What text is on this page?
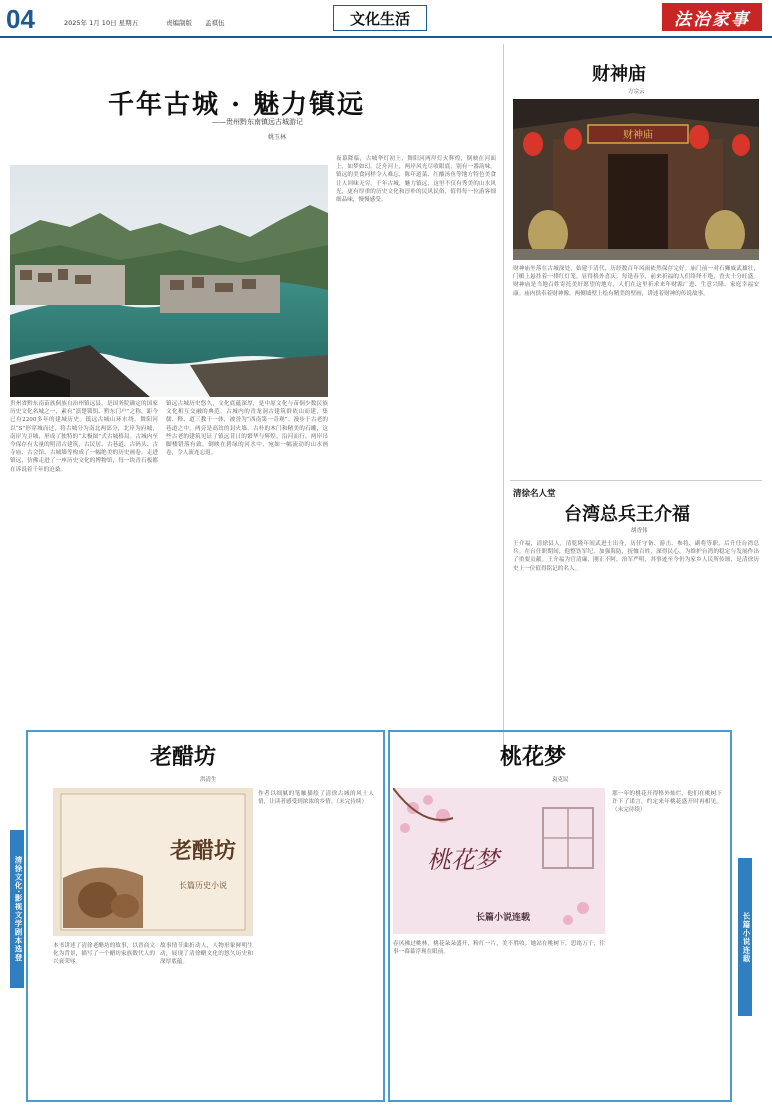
04	2025年 1月 10日 星期五	责编制版 孟祺伍	文化生活	法治家事
千年古城 · 魅力镇远
——贵州黔东南镇远古城游记
姚玉林
贵州省黔东南苗族侗族自治州镇远县，是国务院确定的国家历史文化名城之一，素有“滇楚锁钥、黔东门户”之称，距今已有2200多年的建城历史。镇远古城山环水绕，舞阳河以“S”形穿城而过，将古城分为南北两部分，北岸为府城，南岸为卫城，形成了独特的“太极图”式古城格局。古城内至今保存有大量的明清古建筑，古民居、古巷道、古码头、古寺庙、古会馆、古城墙等构成了一幅绝美的历史画卷。走进镇远，仿佛走进了一座历史文化的博物馆，每一块青石板都在诉说着千年的沧桑。
镇远古城历史悠久，文化底蕴深厚，是中原文化与苗侗少数民族文化相互交融的典范。古城内的青龙洞古建筑群依山而建，集儒、释、道三教于一体，被誉为“西南第一奇观”。漫步于古老的巷道之中，两旁是高耸的封火墙、古朴的木门和精美的石雕，这些古老的建筑见证了镇远昔日的繁华与辉煌。沿河而行，两岸吊脚楼错落有致，倒映在碧绿的河水中，宛如一幅流动的山水画卷，令人流连忘返。
夜幕降临，古城华灯初上，舞阳河两岸灯火辉煌，倒映在河面上，如梦如幻。泛舟河上，两岸风光尽收眼底，别有一番韵味。镇远的美食同样令人难忘，陈年道菜、红酸汤鱼等地方特色美食让人回味无穷。千年古城，魅力镇远，这里不仅有秀美的山水风光，更有厚重的历史文化和淳朴的民风民俗，值得每一位游客细细品味，慢慢感受。
财神庙
方宗云
财神庙
财神庙坐落在古城深处，始建于清代，历经数百年风雨依然保存完好。庙门前一对石狮威武雄壮，门楣上悬挂着一排红灯笼，显得格外喜庆。每逢春节，前来祈福的人们络绎不绝，香火十分旺盛。财神庙是当地百姓寄托美好愿望的地方，人们在这里祈求来年财源广进、生意兴隆、家庭幸福安康。庙内供奉着财神像，两侧墙壁上绘有精美的壁画，讲述着财神的传说故事。
清徐名人堂
台湾总兵王介福
胡香伟
王介福，清徐县人，清乾隆年间武进士出身，历任守备、游击、参将、副将等职，后升任台湾总兵。在台任职期间，他整饬军纪，加强海防，抚恤百姓，深得民心，为维护台湾的稳定与发展作出了重要贡献。王介福为官清廉，刚正不阿，治军严明，其事迹至今仍为家乡人民所传颂，是清徐历史上一位值得铭记的名人。
清徐文化·影视文学剧本选登
老醋坊
洪清生
老醋坊
长篇历史小说
本书讲述了清徐老醋坊的故事，以晋商文化为背景，描写了一个醋坊家族数代人的兴衰荣辱。
故事情节曲折动人，人物形象鲜明生动，展现了清徐醋文化的悠久历史和深厚底蕴。
作者以细腻的笔触描绘了清徐古城的风土人情，让读者感受到浓浓的乡情。（未完待续）
长篇小说连载
桃花梦
袁克民
桃花梦
长篇小说连载
春风拂过桃林，桃花朵朵盛开，粉红一片，美不胜收。她站在桃树下，思绪万千，往事一幕幕浮现在眼前。
那一年的桃花开得格外灿烂，他们在桃树下许下了诺言，约定来年桃花盛开时再相见。（未完待续）
